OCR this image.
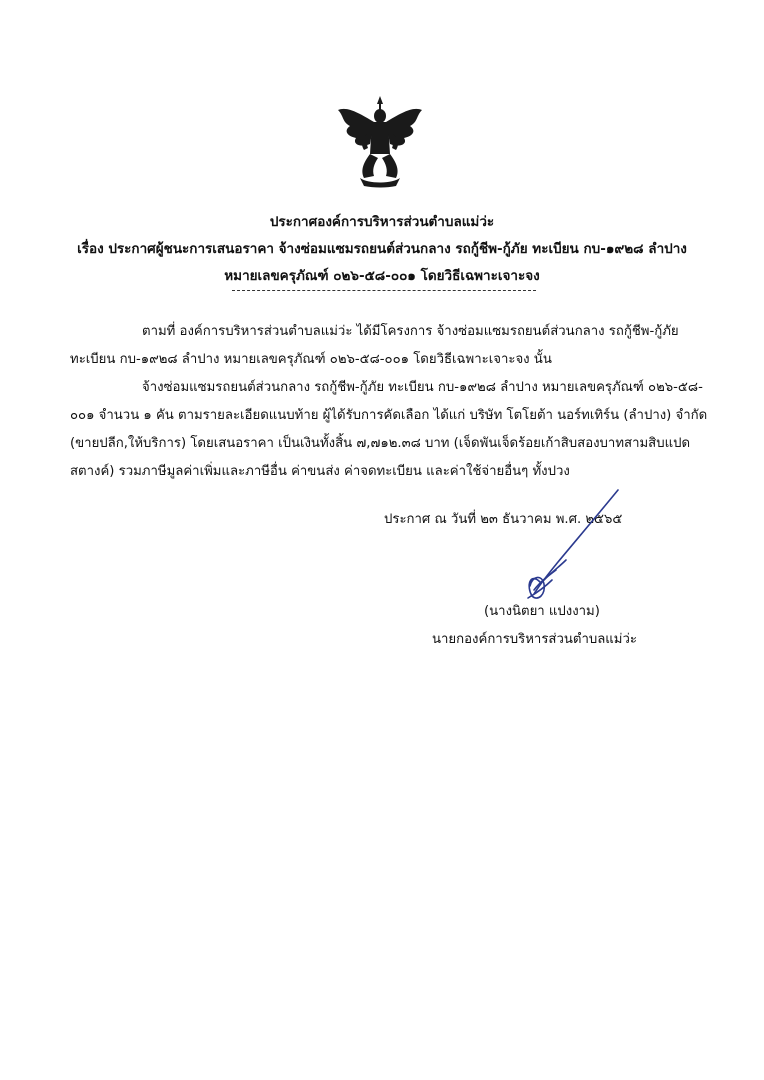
ประกาศองค์การบริหารส่วนตำบลแม่ว่ะ
เรื่อง ประกาศผู้ชนะการเสนอราคา จ้างซ่อมแซมรถยนต์ส่วนกลาง รถกู้ชีพ-กู้ภัย ทะเบียน กบ-๑๙๒๘ ลำปาง
หมายเลขครุภัณฑ์ ๐๒๖-๕๘-๐๐๑ โดยวิธีเฉพาะเจาะจง
ตามที่ องค์การบริหารส่วนตำบลแม่ว่ะ ได้มีโครงการ จ้างซ่อมแซมรถยนต์ส่วนกลาง รถกู้ชีพ-กู้ภัย
ทะเบียน กบ-๑๙๒๘ ลำปาง หมายเลขครุภัณฑ์ ๐๒๖-๕๘-๐๐๑ โดยวิธีเฉพาะเจาะจง นั้น
จ้างซ่อมแซมรถยนต์ส่วนกลาง รถกู้ชีพ-กู้ภัย ทะเบียน กบ-๑๙๒๘ ลำปาง หมายเลขครุภัณฑ์ ๐๒๖-๕๘-
๐๐๑ จำนวน ๑ คัน ตามรายละเอียดแนบท้าย ผู้ได้รับการคัดเลือก ได้แก่ บริษัท โตโยต้า นอร์ทเทิร์น (ลำปาง) จำกัด
(ขายปลีก,ให้บริการ) โดยเสนอราคา เป็นเงินทั้งสิ้น ๗,๗๑๒.๓๘ บาท (เจ็ดพันเจ็ดร้อยเก้าสิบสองบาทสามสิบแปด
สตางค์) รวมภาษีมูลค่าเพิ่มและภาษีอื่น ค่าขนส่ง ค่าจดทะเบียน และค่าใช้จ่ายอื่นๆ ทั้งปวง
ประกาศ ณ วันที่ ๒๓ ธันวาคม พ.ศ. ๒๕๖๕
(นางนิตยา แปงงาม)
นายกองค์การบริหารส่วนตำบลแม่ว่ะ
